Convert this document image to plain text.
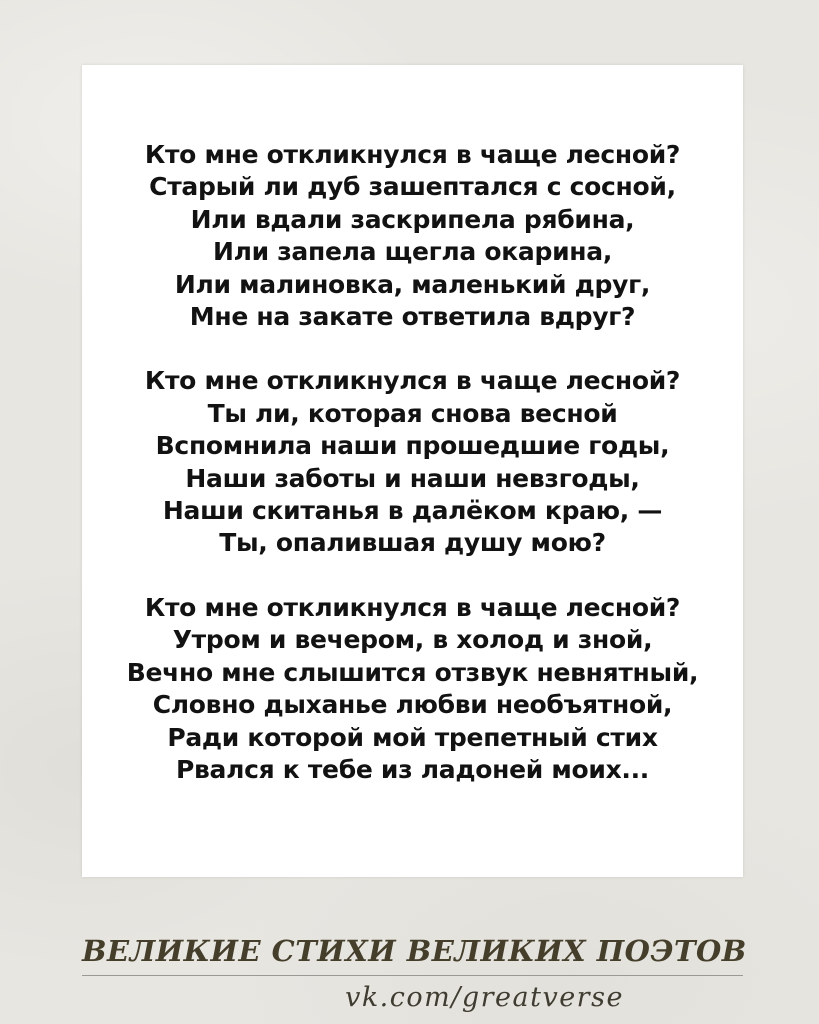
Кто мне откликнулся в чаще лесной?
Старый ли дуб зашептался с сосной,
Или вдали заскрипела рябина,
Или запела щегла окарина,
Или малиновка, маленький друг,
Мне на закате ответила вдруг?
Кто мне откликнулся в чаще лесной?
Ты ли, которая снова весной
Вспомнила наши прошедшие годы,
Наши заботы и наши невзгоды,
Наши скитанья в далёком краю, —
Ты, опалившая душу мою?
Кто мне откликнулся в чаще лесной?
Утром и вечером, в холод и зной,
Вечно мне слышится отзвук невнятный,
Словно дыханье любви необъятной,
Ради которой мой трепетный стих
Рвался к тебе из ладоней моих...
ВЕЛИКИЕ СТИХИ ВЕЛИКИХ ПОЭТОВ
vk.com/greatverse
